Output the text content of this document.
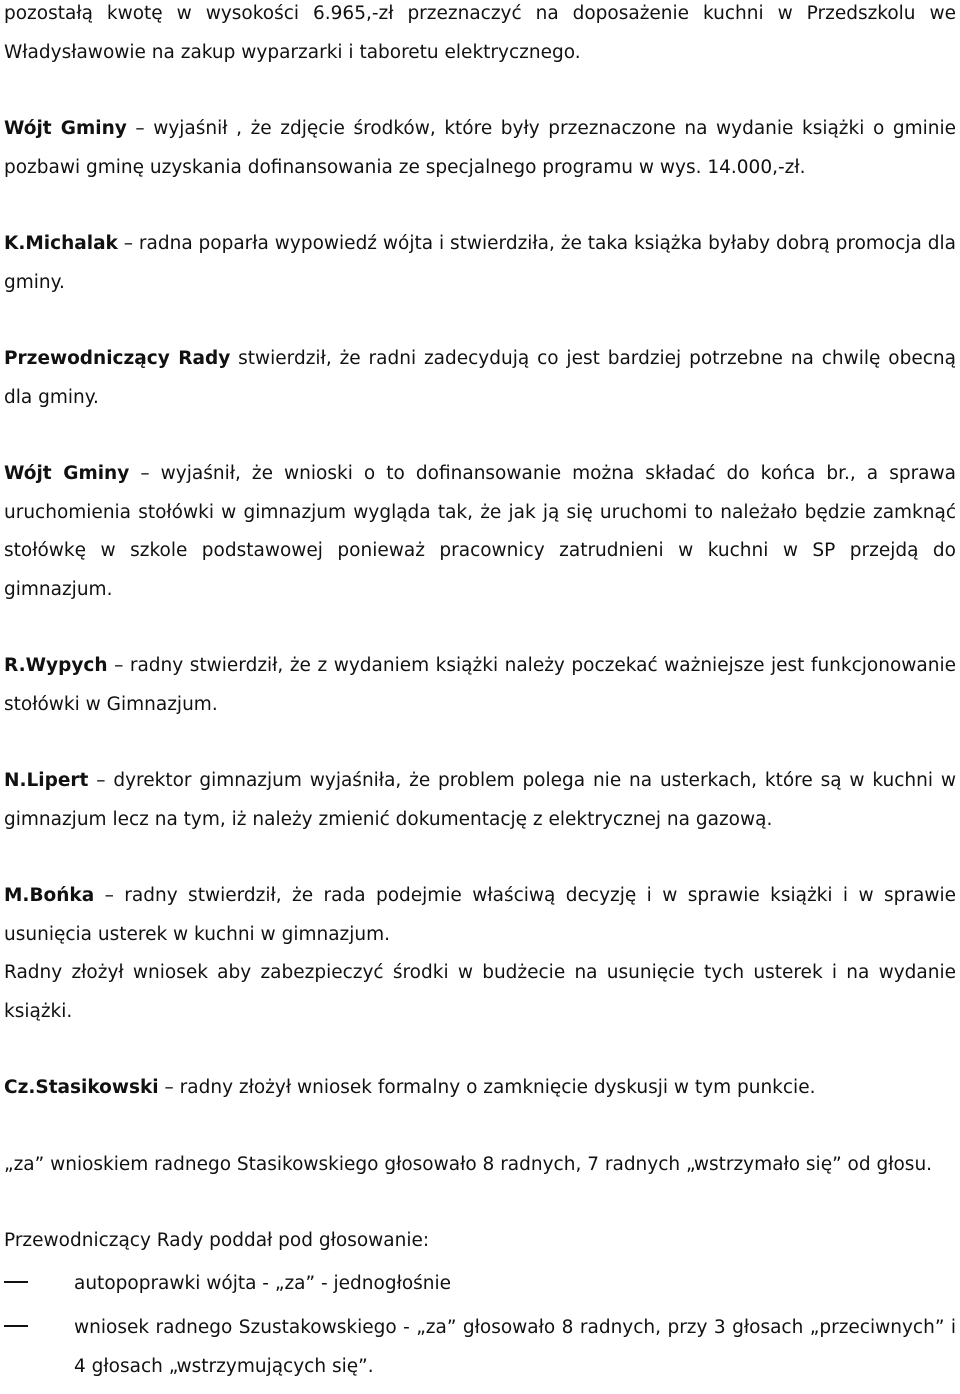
pozostałą kwotę w wysokości 6.965,-zł przeznaczyć na doposażenie kuchni w Przedszkolu we Władysławowie na zakup wyparzarki i taboretu elektrycznego.

Wójt Gminy – wyjaśnił , że zdjęcie środków, które były przeznaczone na wydanie książki o gminie pozbawi gminę uzyskania dofinansowania ze specjalnego programu w wys. 14.000,-zł.

K.Michalak – radna poparła wypowiedź wójta i stwierdziła, że taka książka byłaby dobrą promocja dla gminy.

Przewodniczący Rady stwierdził, że radni zadecydują co jest bardziej potrzebne na chwilę obecną dla gminy.

Wójt Gminy – wyjaśnił, że wnioski o to dofinansowanie można składać do końca br., a sprawa uruchomienia stołówki w gimnazjum wygląda tak, że jak ją się uruchomi to należało będzie zamknąć stołówkę w szkole podstawowej ponieważ pracownicy zatrudnieni w kuchni w SP przejdą do gimnazjum.

R.Wypych – radny stwierdził, że z wydaniem książki należy poczekać ważniejsze jest funkcjonowanie stołówki w Gimnazjum.

N.Lipert – dyrektor gimnazjum wyjaśniła, że problem polega nie na usterkach, które są w kuchni w gimnazjum lecz na tym, iż należy zmienić dokumentację z elektrycznej na gazową.

M.Bońka – radny stwierdził, że rada podejmie właściwą decyzję i w sprawie książki i w sprawie usunięcia usterek w kuchni w gimnazjum.

Radny złożył wniosek aby zabezpieczyć środki w budżecie na usunięcie tych usterek i na wydanie książki.

Cz.Stasikowski – radny złożył wniosek formalny o zamknięcie dyskusji w tym punkcie.

„za” wnioskiem radnego Stasikowskiego głosowało 8 radnych, 7 radnych „wstrzymało się” od głosu.

Przewodniczący Rady poddał pod głosowanie:

autopoprawki wójta - „za” - jednogłośnie
wniosek radnego Szustakowskiego - „za” głosowało 8 radnych, przy 3 głosach „przeciwnych” i 4 głosach „wstrzymujących się”.
